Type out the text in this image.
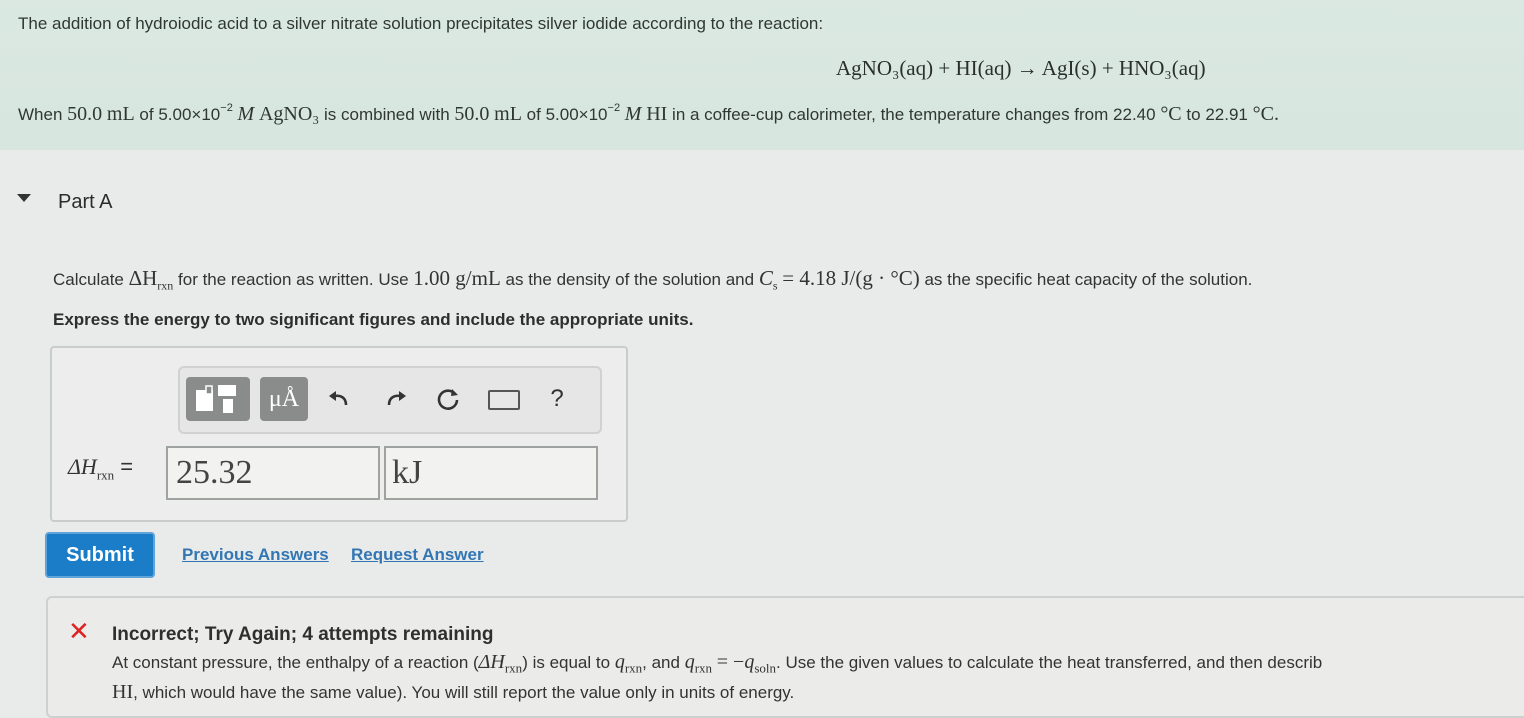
The addition of hydroiodic acid to a silver nitrate solution precipitates silver iodide according to the reaction:
AgNO₃(aq) + HI(aq) → AgI(s) + HNO₃(aq)
When 50.0 mL of $5.00\times 10^{-2}$ M AgNO₃ is combined with 50.0 mL of $5.00\times 10^{-2}$ M HI in a coffee-cup calorimeter, the temperature changes from 22.40 °C to 22.91 °C.
Part A
Calculate $\Delta H_{rxn}$ for the reaction as written. Use 1.00 g/mL as the density of the solution and $C_s = 4.18$ J/(g · °C) as the specific heat capacity of the solution.
Express the energy to two significant figures and include the appropriate units.
μÅ	?
$\Delta H_{rxn} = 25.32$	kJ
Submit	Previous Answers Request Answer
✕ Incorrect; Try Again; 4 attempts remaining
At constant pressure, the enthalpy of a reaction $(\Delta H_{rxn})$ is equal to $q_{rxn}$, and $q_{rxn} = -q_{soln}$. Use the given values to calculate the heat transferred, and then describ
HI, which would have the same value). You will still report the value only in units of energy.
